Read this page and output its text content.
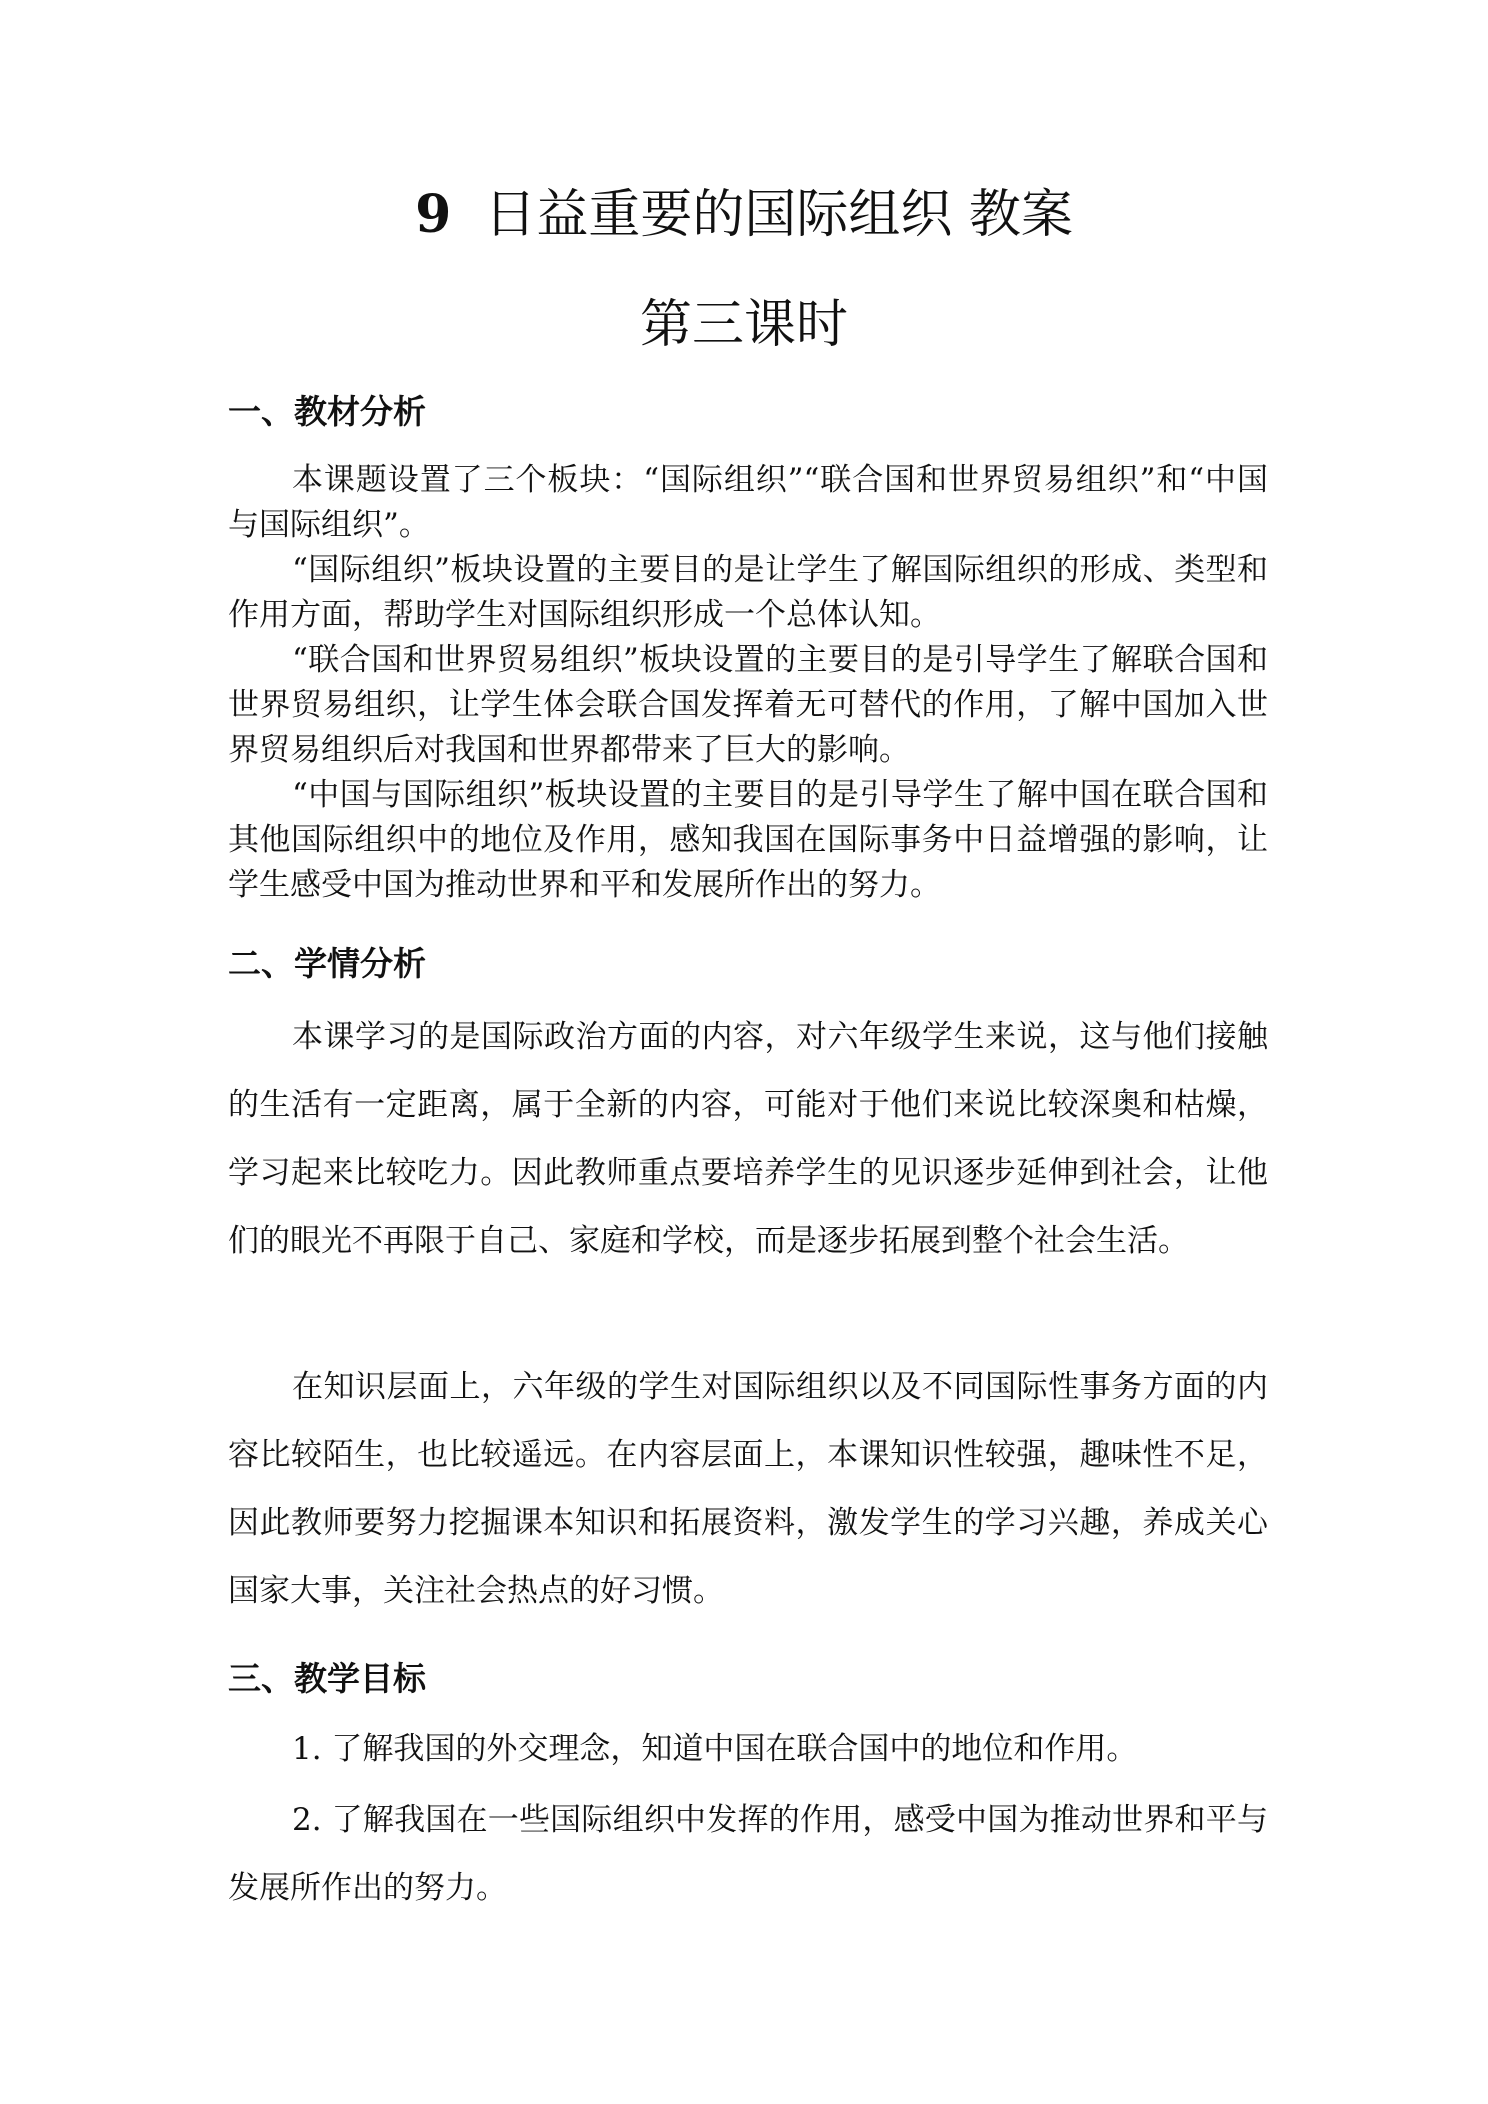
9 日益重要的国际组织 教案
第三课时
一、教材分析

本课题设置了三个板块：“国际组织”“联合国和世界贸易组织”和“中国与国际组织”。

“国际组织”板块设置的主要目的是让学生了解国际组织的形成、类型和作用方面，帮助学生对国际组织形成一个总体认知。

“联合国和世界贸易组织”板块设置的主要目的是引导学生了解联合国和世界贸易组织，让学生体会联合国发挥着无可替代的作用，了解中国加入世界贸易组织后对我国和世界都带来了巨大的影响。

“中国与国际组织”板块设置的主要目的是引导学生了解中国在联合国和其他国际组织中的地位及作用，感知我国在国际事务中日益增强的影响，让学生感受中国为推动世界和平和发展所作出的努力。

二、学情分析

本课学习的是国际政治方面的内容，对六年级学生来说，这与他们接触的生活有一定距离，属于全新的内容，可能对于他们来说比较深奥和枯燥，学习起来比较吃力。因此教师重点要培养学生的见识逐步延伸到社会，让他们的眼光不再限于自己、家庭和学校，而是逐步拓展到整个社会生活。

在知识层面上，六年级的学生对国际组织以及不同国际性事务方面的内容比较陌生，也比较遥远。在内容层面上，本课知识性较强，趣味性不足，因此教师要努力挖掘课本知识和拓展资料，激发学生的学习兴趣，养成关心国家大事，关注社会热点的好习惯。

三、教学目标

1. 了解我国的外交理念，知道中国在联合国中的地位和作用。

2. 了解我国在一些国际组织中发挥的作用，感受中国为推动世界和平与发展所作出的努力。
